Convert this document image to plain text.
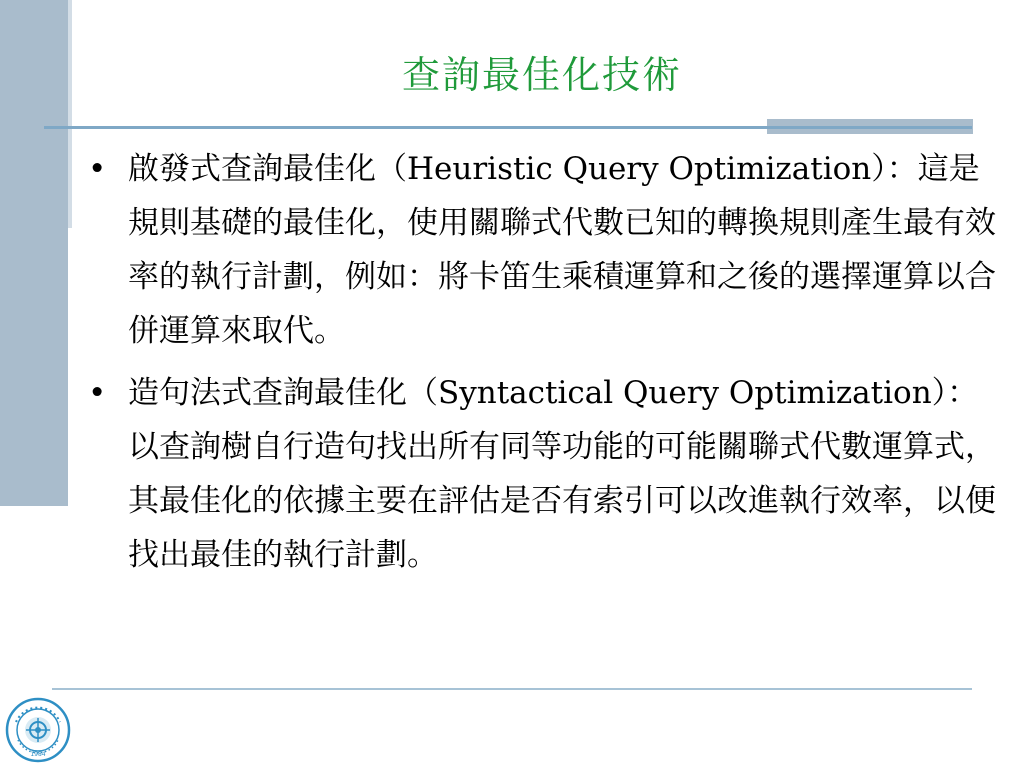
查詢最佳化技術
• 啟發式查詢最佳化（Heuristic Query Optimization）：這是規則基礎的最佳化，使用關聯式代數已知的轉換規則產生最有效率的執行計劃，例如：將卡笛生乘積運算和之後的選擇運算以合併運算來取代。
• 造句法式查詢最佳化（Syntactical Query Optimization）：以查詢樹自行造句找出所有同等功能的可能關聯式代數運算式，其最佳化的依據主要在評估是否有索引可以改進執行效率，以便找出最佳的執行計劃。
1984
